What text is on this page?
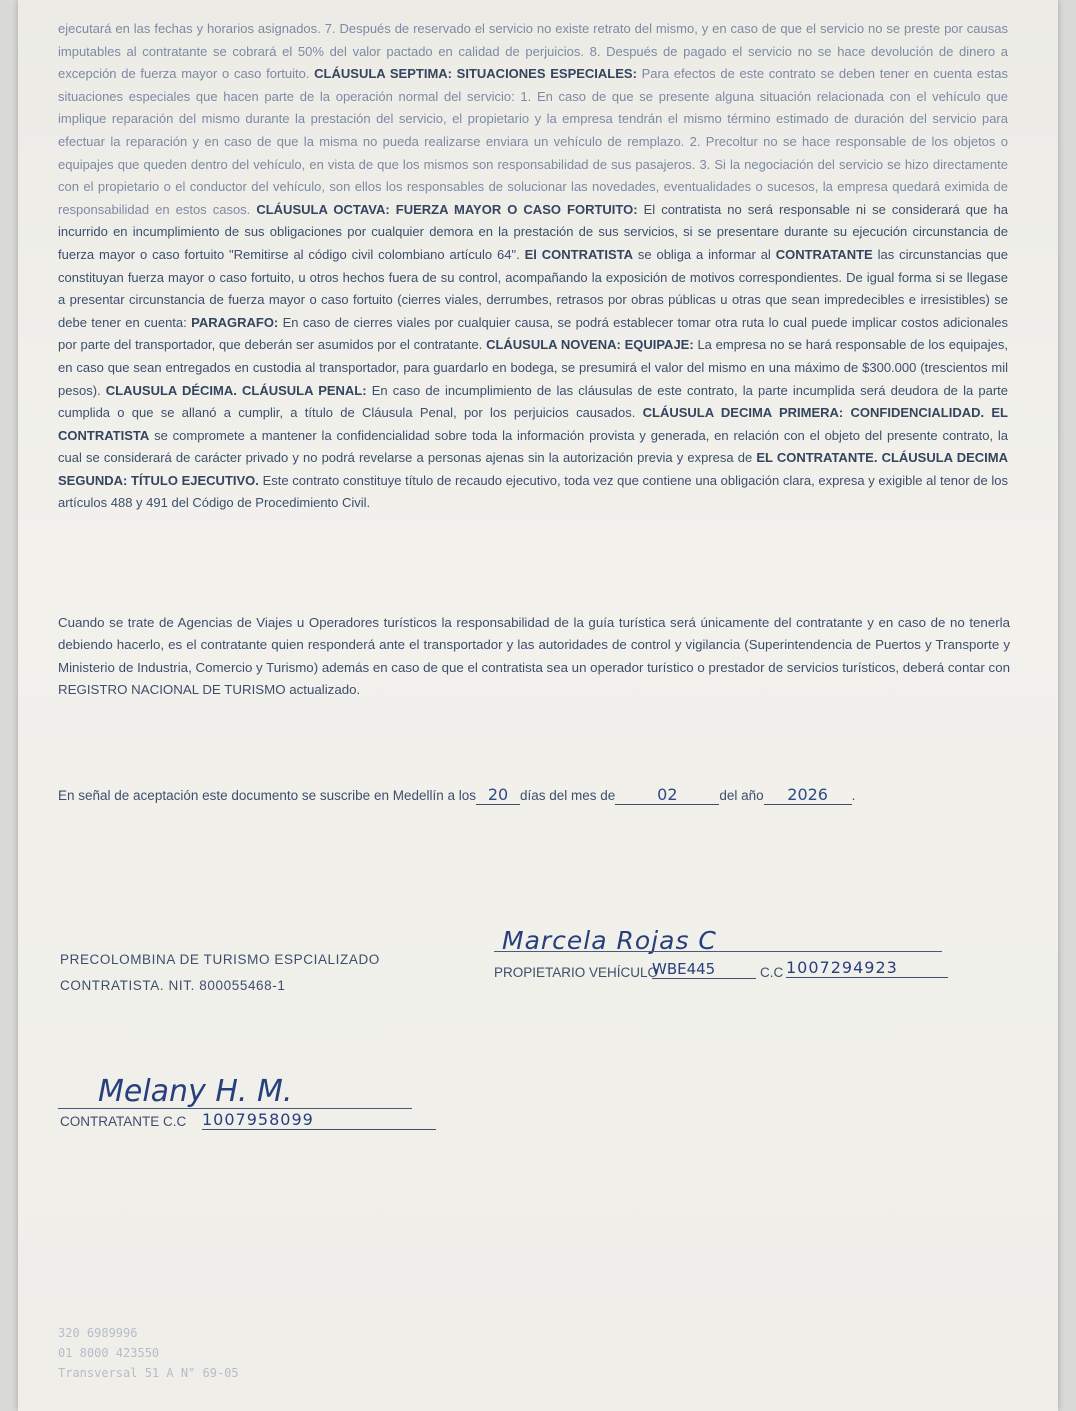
ejecutará en las fechas y horarios asignados. 7. Después de reservado el servicio no existe retrato del mismo, y en caso de que el servicio no se preste por causas imputables al contratante se cobrará el 50% del valor pactado en calidad de perjuicios. 8. Después de pagado el servicio no se hace devolución de dinero a excepción de fuerza mayor o caso fortuito. CLÁUSULA SEPTIMA: SITUACIONES ESPECIALES: Para efectos de este contrato se deben tener en cuenta estas situaciones especiales que hacen parte de la operación normal del servicio: 1. En caso de que se presente alguna situación relacionada con el vehículo que implique reparación del mismo durante la prestación del servicio, el propietario y la empresa tendrán el mismo término estimado de duración del servicio para efectuar la reparación y en caso de que la misma no pueda realizarse enviara un vehículo de remplazo. 2. Precoltur no se hace responsable de los objetos o equipajes que queden dentro del vehículo, en vista de que los mismos son responsabilidad de sus pasajeros. 3. Si la negociación del servicio se hizo directamente con el propietario o el conductor del vehículo, son ellos los responsables de solucionar las novedades, eventualidades o sucesos, la empresa quedará eximida de responsabilidad en estos casos. CLÁUSULA OCTAVA: FUERZA MAYOR O CASO FORTUITO: El contratista no será responsable ni se considerará que ha incurrido en incumplimiento de sus obligaciones por cualquier demora en la prestación de sus servicios, si se presentare durante su ejecución circunstancia de fuerza mayor o caso fortuito "Remitirse al código civil colombiano artículo 64". El CONTRATISTA se obliga a informar al CONTRATANTE las circunstancias que constituyan fuerza mayor o caso fortuito, u otros hechos fuera de su control, acompañando la exposición de motivos correspondientes. De igual forma si se llegase a presentar circunstancia de fuerza mayor o caso fortuito (cierres viales, derrumbes, retrasos por obras públicas u otras que sean impredecibles e irresistibles) se debe tener en cuenta: PARAGRAFO: En caso de cierres viales por cualquier causa, se podrá establecer tomar otra ruta lo cual puede implicar costos adicionales por parte del transportador, que deberán ser asumidos por el contratante. CLÁUSULA NOVENA: EQUIPAJE: La empresa no se hará responsable de los equipajes, en caso que sean entregados en custodia al transportador, para guardarlo en bodega, se presumirá el valor del mismo en una máximo de $300.000 (trescientos mil pesos). CLAUSULA DÉCIMA. CLÁUSULA PENAL: En caso de incumplimiento de las cláusulas de este contrato, la parte incumplida será deudora de la parte cumplida o que se allanó a cumplir, a título de Cláusula Penal, por los perjuicios causados. CLÁUSULA DECIMA PRIMERA: CONFIDENCIALIDAD. EL CONTRATISTA se compromete a mantener la confidencialidad sobre toda la información provista y generada, en relación con el objeto del presente contrato, la cual se considerará de carácter privado y no podrá revelarse a personas ajenas sin la autorización previa y expresa de EL CONTRATANTE. CLÁUSULA DECIMA SEGUNDA: TÍTULO EJECUTIVO. Este contrato constituye título de recaudo ejecutivo, toda vez que contiene una obligación clara, expresa y exigible al tenor de los artículos 488 y 491 del Código de Procedimiento Civil.

Cuando se trate de Agencias de Viajes u Operadores turísticos la responsabilidad de la guía turística será únicamente del contratante y en caso de no tenerla debiendo hacerlo, es el contratante quien responderá ante el transportador y las autoridades de control y vigilancia (Superintendencia de Puertos y Transporte y Ministerio de Industria, Comercio y Turismo) además en caso de que el contratista sea un operador turístico o prestador de servicios turísticos, deberá contar con REGISTRO NACIONAL DE TURISMO actualizado.

En señal de aceptación este documento se suscribe en Medellín a los 20 días del mes de	02	del año 2026 .
PRECOLOMBINA DE TURISMO ESPCIALIZADO
CONTRATISTA. NIT. 800055468-1
Marcela Rojas C
PROPIETARIO VEHÍCULO
WBE445	C.C 1007294923
Melany H. M.
CONTRATANTE C.C 1007958099
320 6989996
01 8000 423550
Transversal 51 A N° 69-05
